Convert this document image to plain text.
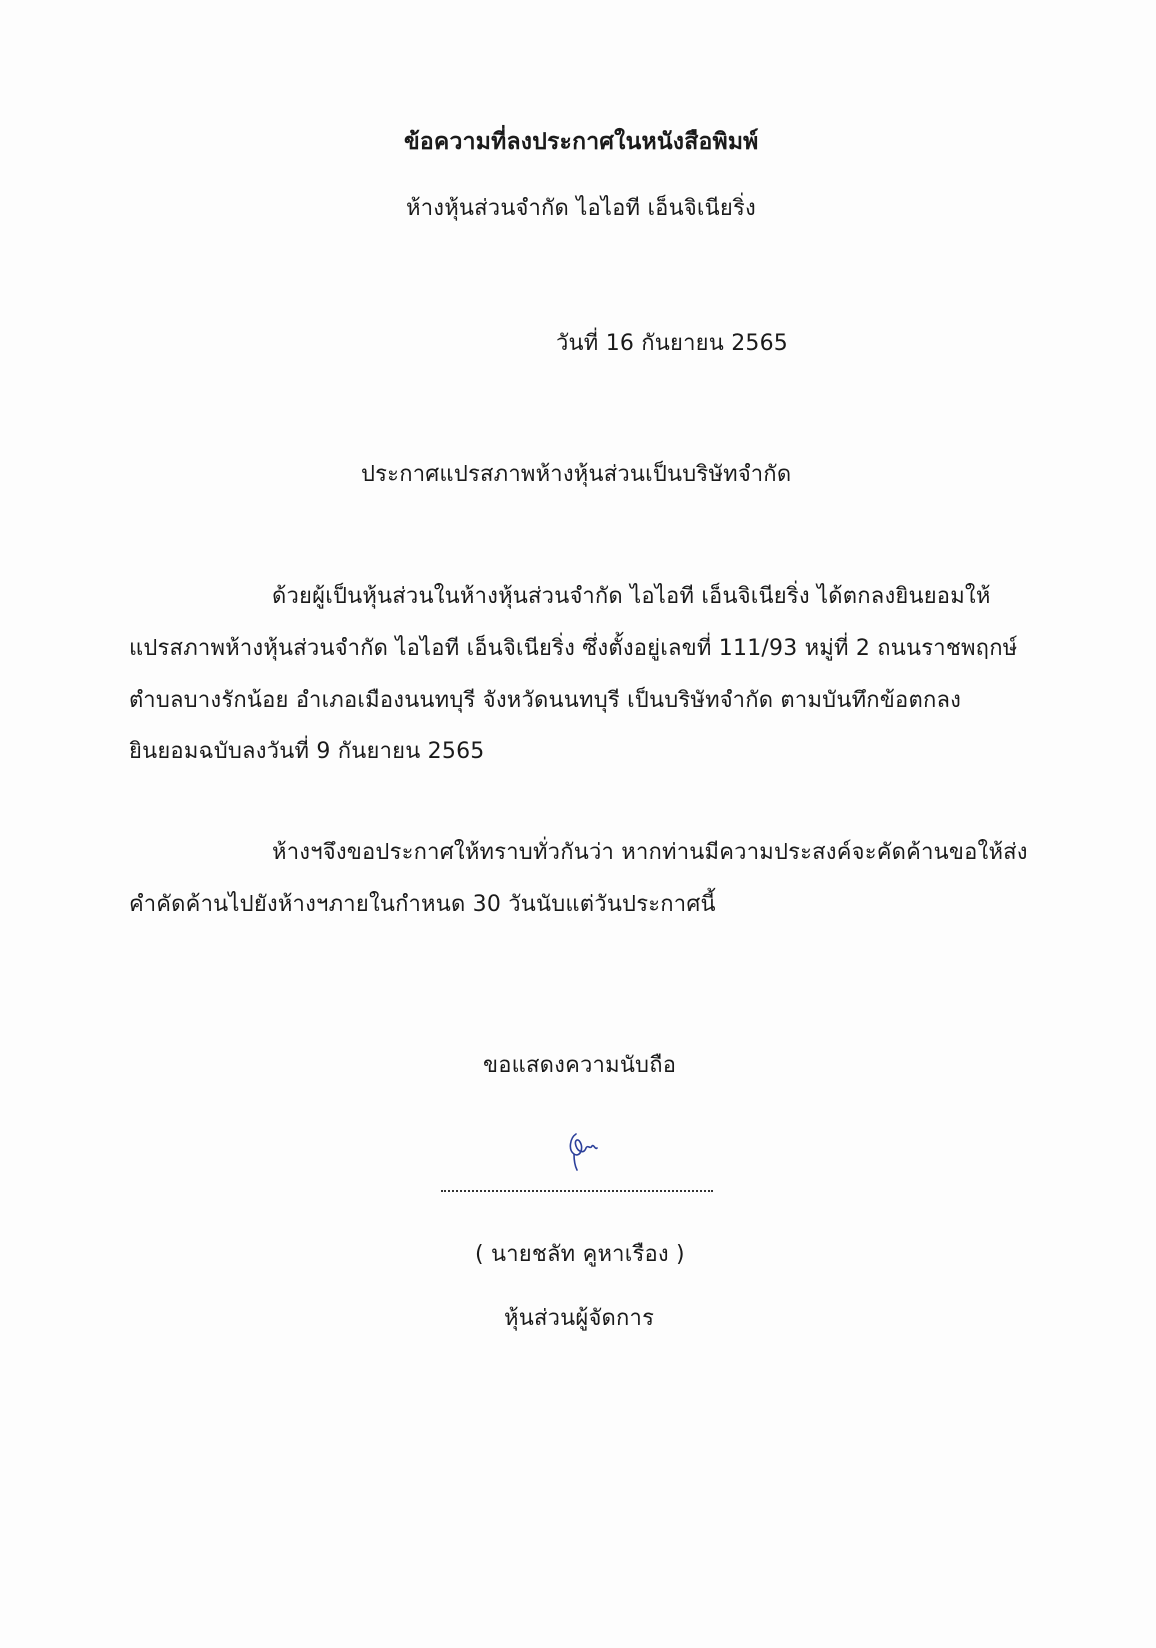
ข้อความที่ลงประกาศในหนังสือพิมพ์
ห้างหุ้นส่วนจำกัด ไอไอที เอ็นจิเนียริ่ง
วันที่ 16 กันยายน 2565
ประกาศแปรสภาพห้างหุ้นส่วนเป็นบริษัทจำกัด
ด้วยผู้เป็นหุ้นส่วนในห้างหุ้นส่วนจำกัด ไอไอที เอ็นจิเนียริ่ง ได้ตกลงยินยอมให้
แปรสภาพห้างหุ้นส่วนจำกัด ไอไอที เอ็นจิเนียริ่ง ซึ่งตั้งอยู่เลขที่ 111/93 หมู่ที่ 2 ถนนราชพฤกษ์
ตำบลบางรักน้อย อำเภอเมืองนนทบุรี จังหวัดนนทบุรี เป็นบริษัทจำกัด ตามบันทึกข้อตกลง
ยินยอมฉบับลงวันที่ 9 กันยายน 2565
ห้างฯจึงขอประกาศให้ทราบทั่วกันว่า หากท่านมีความประสงค์จะคัดค้านขอให้ส่ง
คำคัดค้านไปยังห้างฯภายในกำหนด 30 วันนับแต่วันประกาศนี้
ขอแสดงความนับถือ
( นายชลัท คูหาเรือง )
หุ้นส่วนผู้จัดการ
